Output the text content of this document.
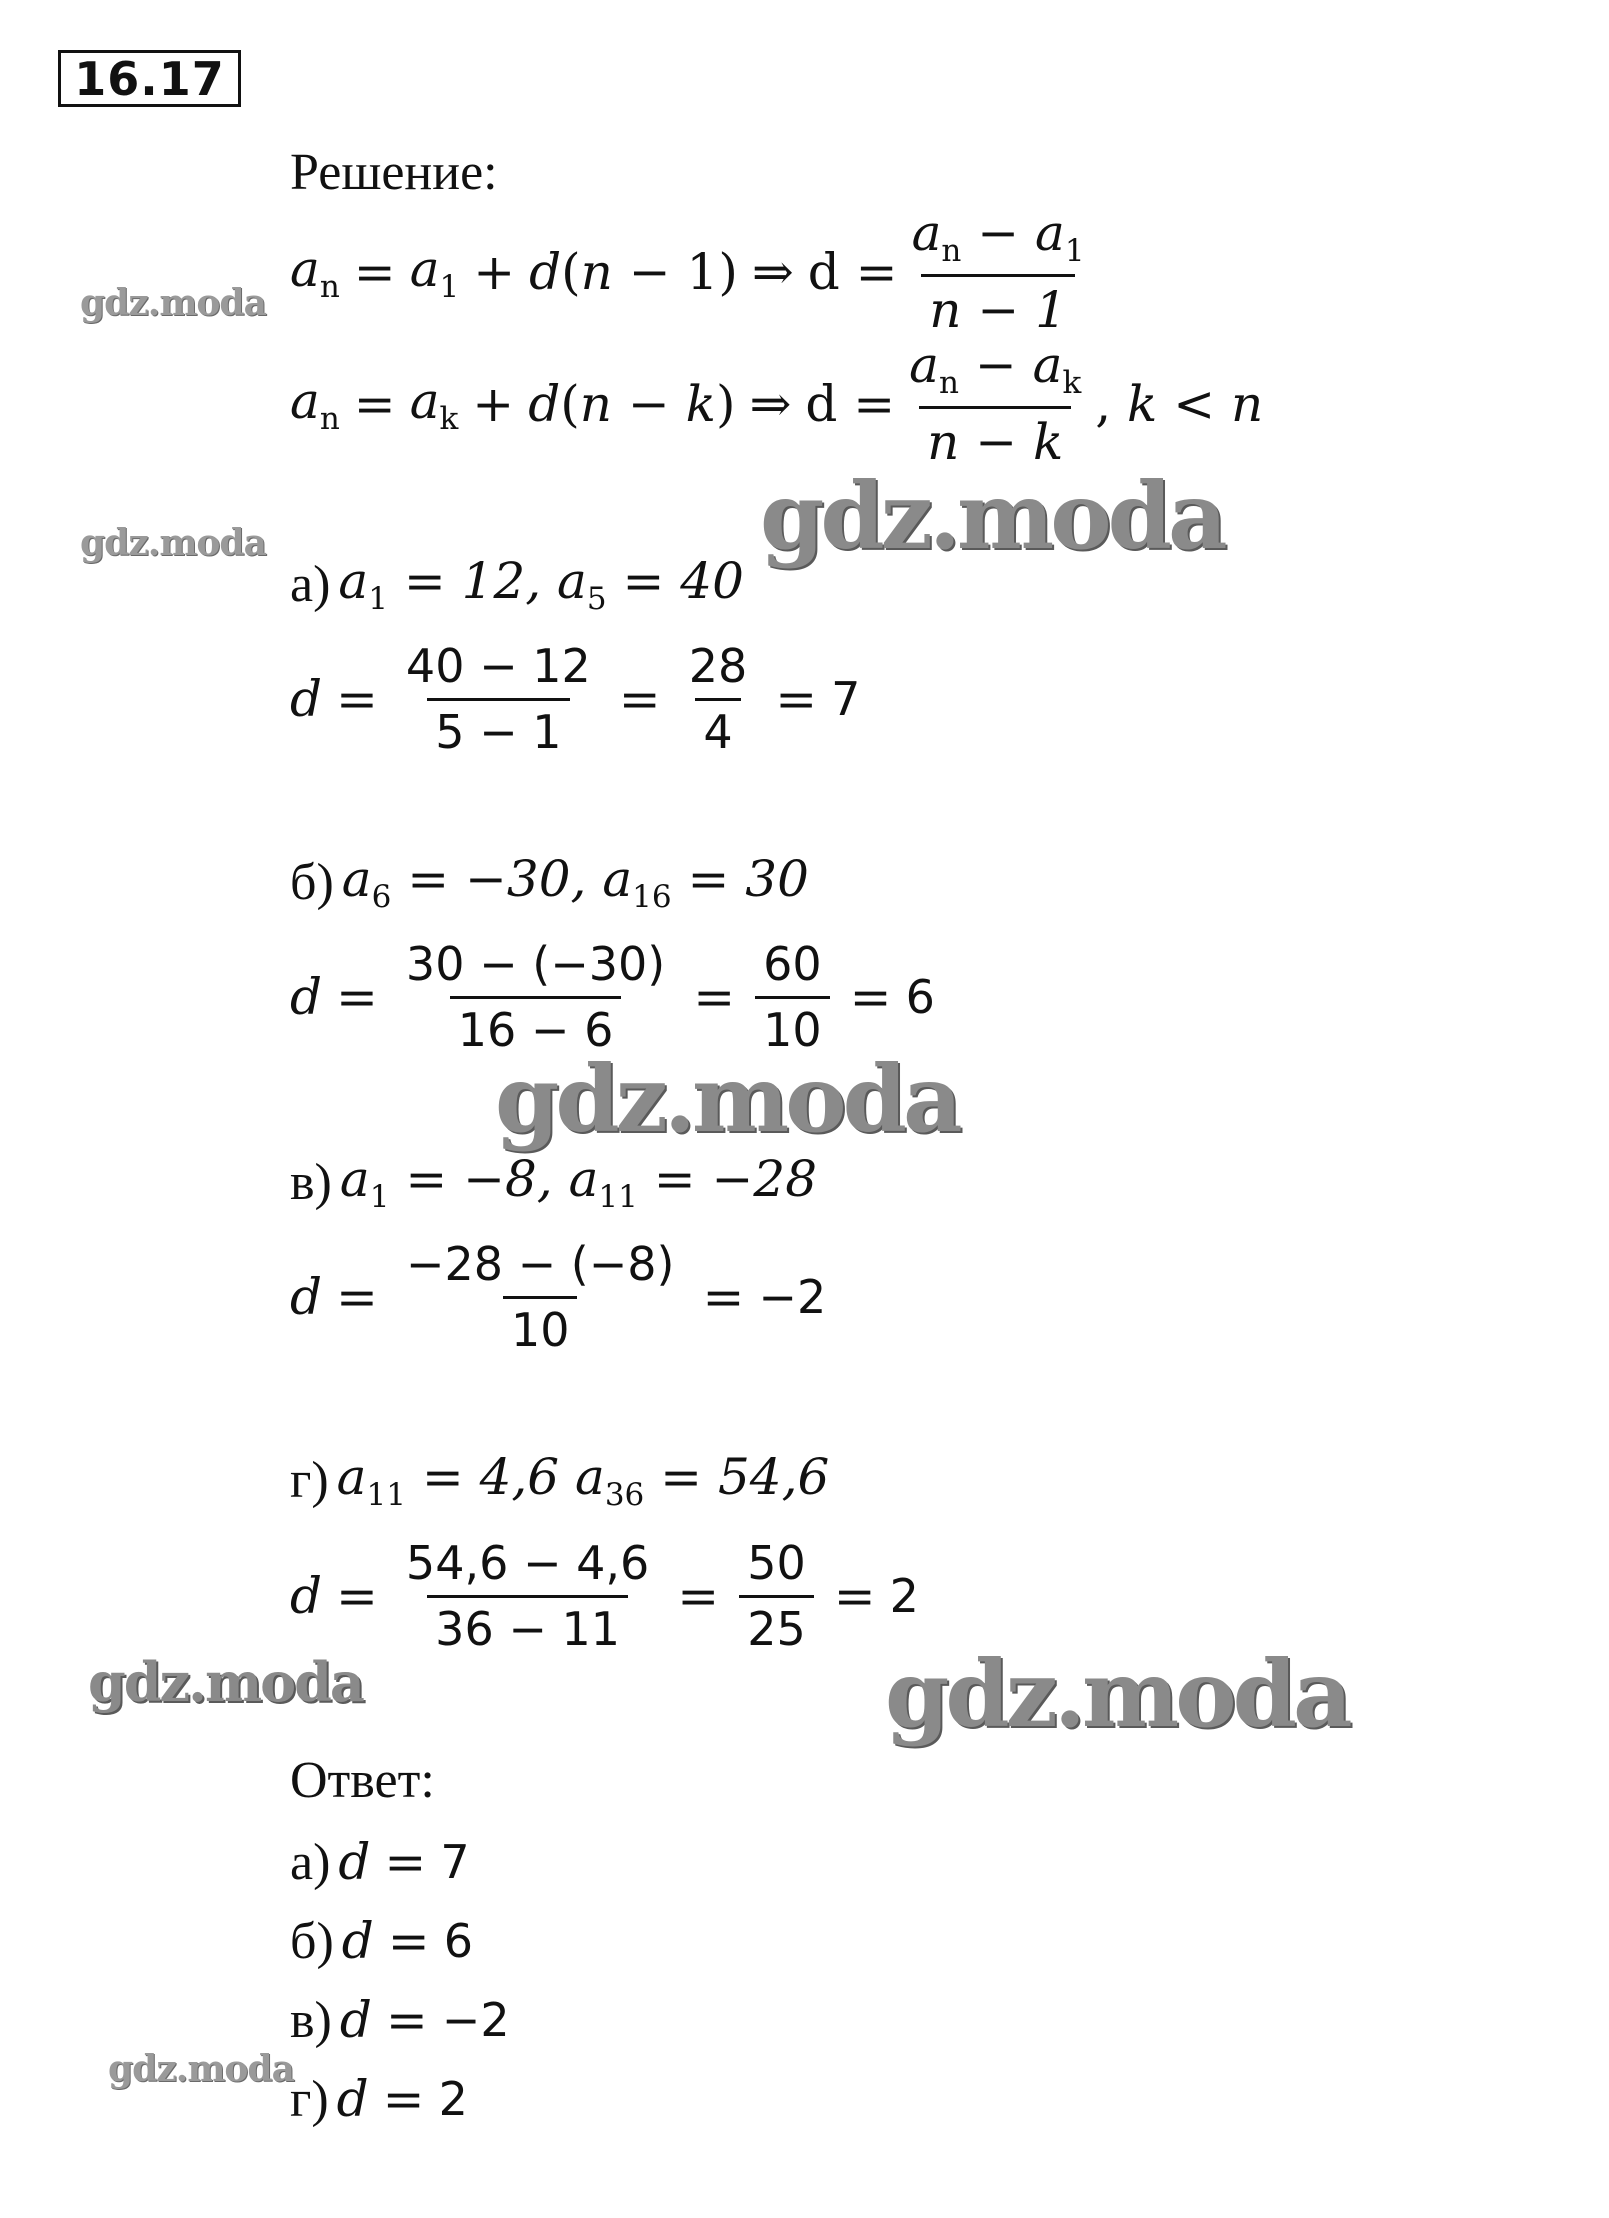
16.17
Решение:
$a_n = a_1 + d$ ( n − 1) ⇒ $d = \frac{a_n - a_1}{n - 1}$
$a_n = a_k + d$ ( n − k ) ⇒ $d = \frac{a_n - a_k}{n - k}$ , k < n
а) $a_1 = 12$, $a_5 = 40$
$d = \frac{40 - 12}{5 - 1} = \frac{28}{4} = 7$
б) $a_6 = -30$, $a_{16} = 30$
$d = \frac{30 - (-30)}{16 - 6} = \frac{60}{10} = 6$
в) $a_1 = -8$, $a_{11} = -28$
$d = \frac{-28 - (-8)}{10} = -2$
г) $a_{11} = 4,6$ $a_{36} = 54,6$
$d = \frac{54,6 - 4,6}{36 - 11} = \frac{50}{25} = 2$
Ответ:
а) d = 7
б) d = 6
в) d = −2
г) d = 2
gdz.moda
gdz.moda	gdz.moda
gdz.moda
gdz.moda	gdz.moda
gdz.moda
